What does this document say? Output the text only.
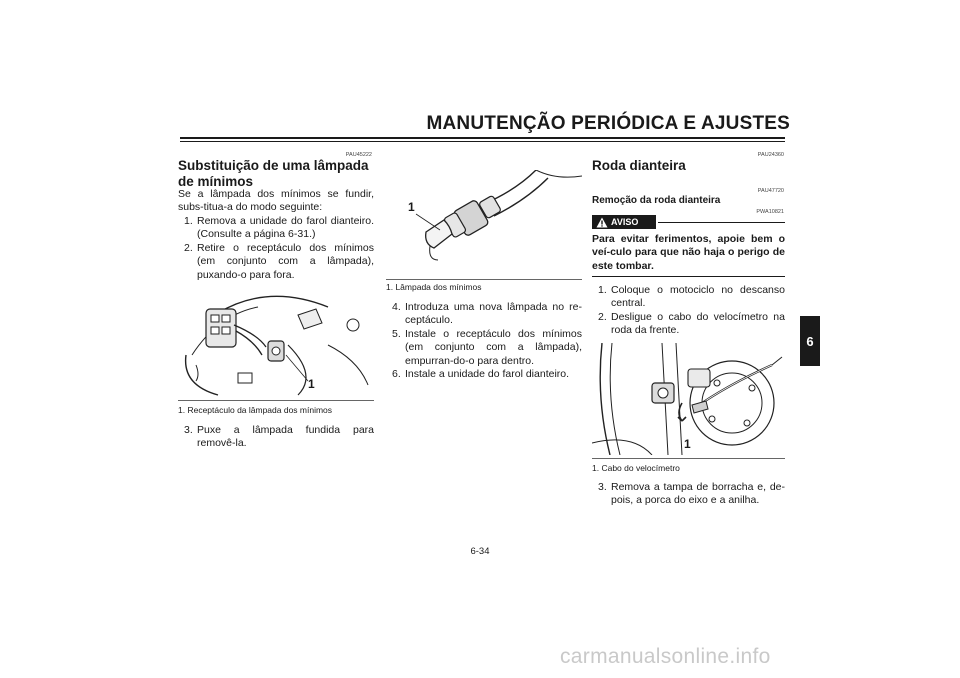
MANUTENÇÃO PERIÓDICA E AJUSTES
6
PAU45222
Substituição de uma lâmpada de mínimos
Se a lâmpada dos mínimos se fundir, subs-titua-a do modo seguinte:
1. Remova a unidade do farol dianteiro. (Consulte a página 6-31.)
2. Retire o receptáculo dos mínimos (em conjunto com a lâmpada), puxando-o para fora.
1
1. Receptáculo da lâmpada dos mínimos
3. Puxe a lâmpada fundida para removê-la.
1
1. Lâmpada dos mínimos
4. Introduza uma nova lâmpada no re-ceptáculo.
5. Instale o receptáculo dos mínimos (em conjunto com a lâmpada), empurran-do-o para dentro.
6. Instale a unidade do farol dianteiro.
PAU24360
Roda dianteira
PAU47720
Remoção da roda dianteira
PWA10821
AVISO
Para evitar ferimentos, apoie bem o veí-culo para que não haja o perigo de este tombar.
1. Coloque o motociclo no descanso central.
2. Desligue o cabo do velocímetro na roda da frente.
1
1. Cabo do velocímetro
3. Remova a tampa de borracha e, de-pois, a porca do eixo e a anilha.
6-34
carmanualsonline.info
